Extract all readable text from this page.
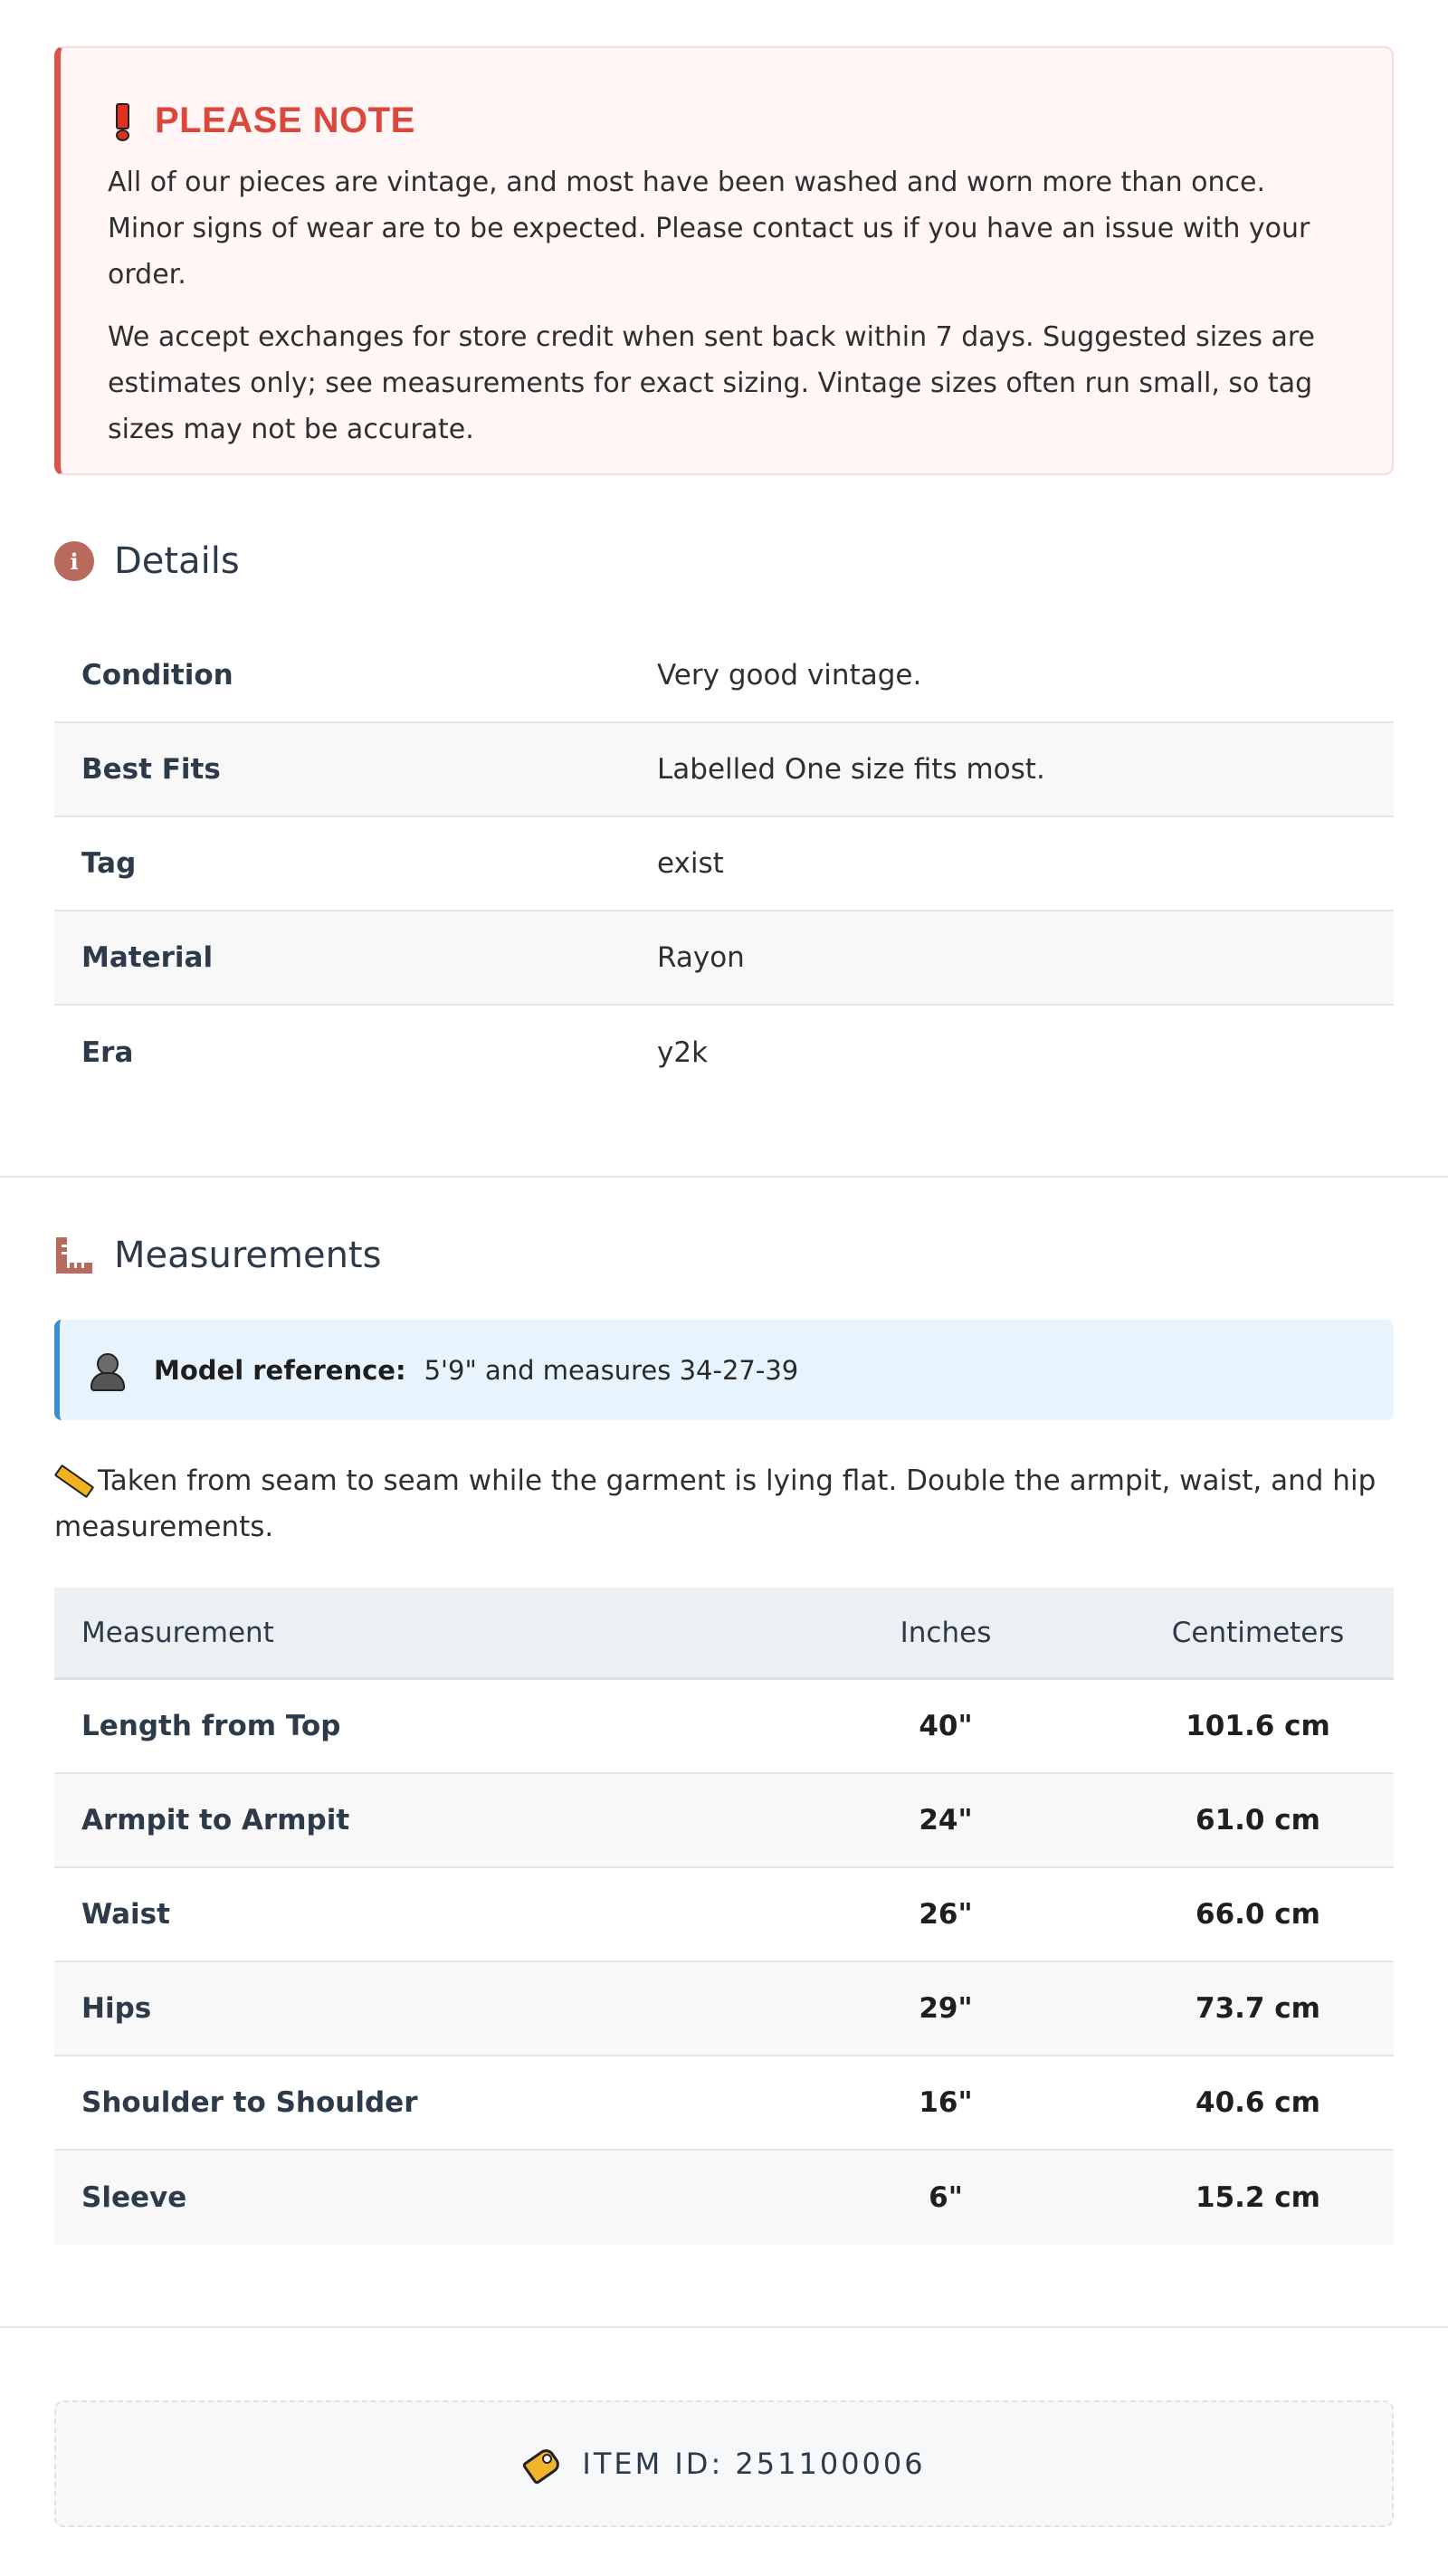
PLEASE NOTE

All of our pieces are vintage, and most have been washed and worn more than once. Minor signs of wear are to be expected. Please contact us if you have an issue with your order.

We accept exchanges for store credit when sent back within 7 days. Suggested sizes are estimates only; see measurements for exact sizing. Vintage sizes often run small, so tag sizes may not be accurate.

i Details
Condition	Very good vintage.
Best Fits	Labelled One size fits most.
Tag	exist
Material	Rayon
Era	y2k
Measurements
Model reference: 5'9" and measures 34-27-39
Taken from seam to seam while the garment is lying flat. Double the armpit, waist, and hip measurements.
Measurement	Inches	Centimeters
Length from Top	40"	101.6 cm
Armpit to Armpit	24"	61.0 cm
Waist	26"	66.0 cm
Hips	29"	73.7 cm
Shoulder to Shoulder	16"	40.6 cm
Sleeve	6"	15.2 cm
ITEM ID: 251100006
